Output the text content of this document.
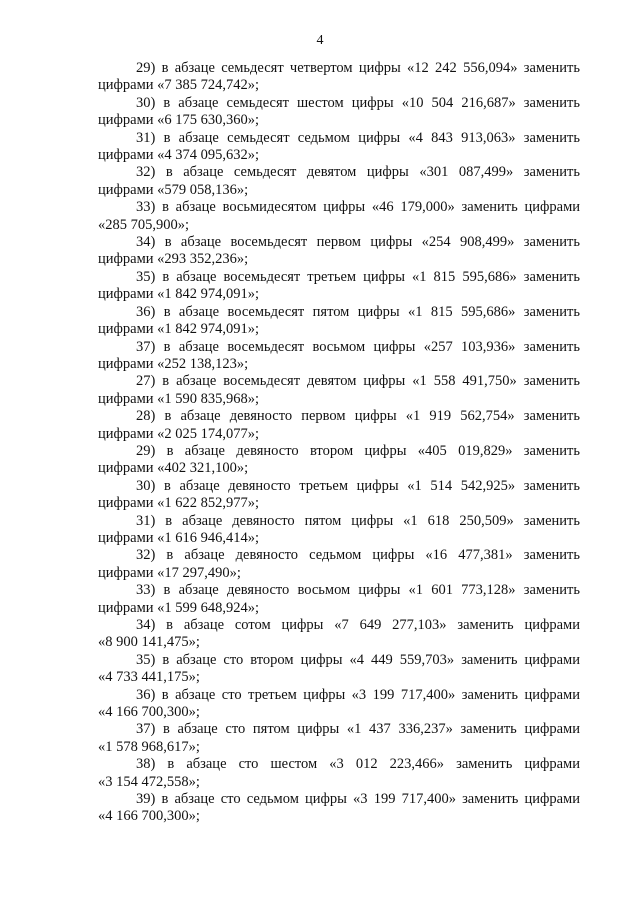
4
29) в абзаце семьдесят четвертом цифры «12 242 556,094» заменить
цифрами «7 385 724,742»;
30) в абзаце семьдесят шестом цифры «10 504 216,687» заменить
цифрами «6 175 630,360»;
31) в абзаце семьдесят седьмом цифры «4 843 913,063» заменить
цифрами «4 374 095,632»;
32) в абзаце семьдесят девятом цифры «301 087,499» заменить
цифрами «579 058,136»;
33) в абзаце восьмидесятом цифры «46 179,000» заменить цифрами
«285 705,900»;
34) в абзаце восемьдесят первом цифры «254 908,499» заменить
цифрами «293 352,236»;
35) в абзаце восемьдесят третьем цифры «1 815 595,686» заменить
цифрами «1 842 974,091»;
36) в абзаце восемьдесят пятом цифры «1 815 595,686» заменить
цифрами «1 842 974,091»;
37) в абзаце восемьдесят восьмом цифры «257 103,936» заменить
цифрами «252 138,123»;
27) в абзаце восемьдесят девятом цифры «1 558 491,750» заменить
цифрами «1 590 835,968»;
28) в абзаце девяносто первом цифры «1 919 562,754» заменить
цифрами «2 025 174,077»;
29) в абзаце девяносто втором цифры «405 019,829» заменить
цифрами «402 321,100»;
30) в абзаце девяносто третьем цифры «1 514 542,925» заменить
цифрами «1 622 852,977»;
31) в абзаце девяносто пятом цифры «1 618 250,509» заменить
цифрами «1 616 946,414»;
32) в абзаце девяносто седьмом цифры «16 477,381» заменить
цифрами «17 297,490»;
33) в абзаце девяносто восьмом цифры «1 601 773,128» заменить
цифрами «1 599 648,924»;
34) в абзаце сотом цифры «7 649 277,103» заменить цифрами
«8 900 141,475»;
35) в абзаце сто втором цифры «4 449 559,703» заменить цифрами
«4 733 441,175»;
36) в абзаце сто третьем цифры «3 199 717,400» заменить цифрами
«4 166 700,300»;
37) в абзаце сто пятом цифры «1 437 336,237» заменить цифрами
«1 578 968,617»;
38) в абзаце сто шестом «3 012 223,466» заменить цифрами
«3 154 472,558»;
39) в абзаце сто седьмом цифры «3 199 717,400» заменить цифрами
«4 166 700,300»;
